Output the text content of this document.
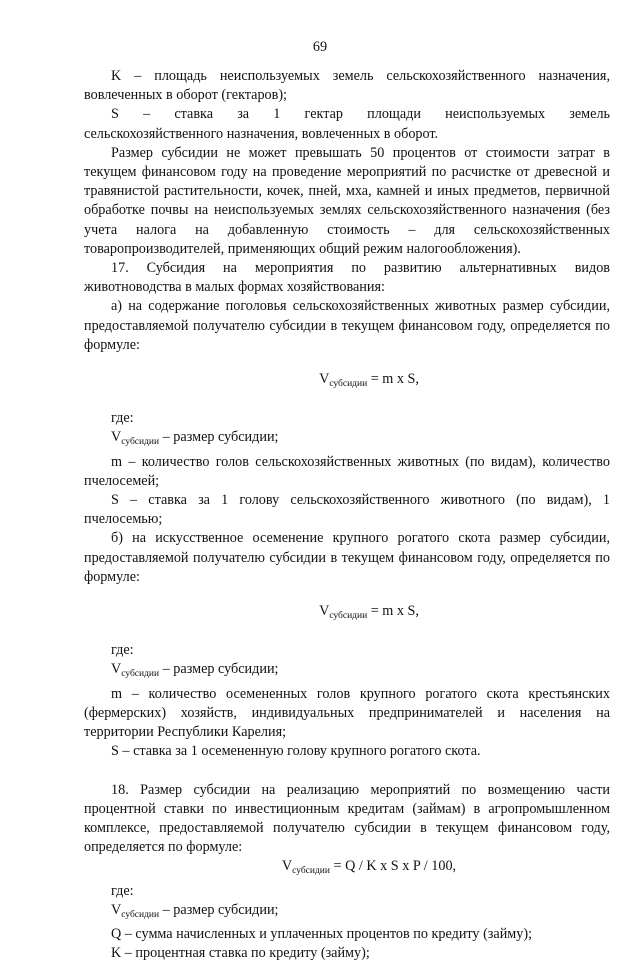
69

K – площадь неиспользуемых земель сельскохозяйственного назначения, вовлеченных в оборот (гектаров);

S – ставка за 1 гектар площади неиспользуемых земель

сельскохозяйственного назначения, вовлеченных в оборот.

Размер субсидии не может превышать 50 процентов от стоимости затрат в текущем финансовом году на проведение мероприятий по расчистке от древесной и травянистой растительности, кочек, пней, мха, камней и иных предметов, первичной обработке почвы на неиспользуемых землях сельскохозяйственного назначения (без учета налога на добавленную стоимость – для сельскохозяйственных товаропроизводителей, применяющих общий режим налогообложения).

17. Субсидия на мероприятия по развитию альтернативных видов животноводства в малых формах хозяйствования:

а) на содержание поголовья сельскохозяйственных животных размер субсидии, предоставляемой получателю субсидии в текущем финансовом году, определяется по формуле:

$V_{субсидии} = m$ x S,

где:

$V_{субсидии}$ – размер субсидии;

m – количество голов сельскохозяйственных животных (по видам), количество пчелосемей;

S – ставка за 1 голову сельскохозяйственного животного (по видам), 1 пчелосемью;

б) на искусственное осеменение крупного рогатого скота размер субсидии, предоставляемой получателю субсидии в текущем финансовом году, определяется по формуле:

$V_{субсидии} = m$ x S,

где:

$V_{субсидии}$ – размер субсидии;

m – количество осемененных голов крупного рогатого скота крестьянских (фермерских) хозяйств, индивидуальных предпринимателей и населения на территории Республики Карелия;

S – ставка за 1 осемененную голову крупного рогатого скота.

18. Размер субсидии на реализацию мероприятий по возмещению части процентной ставки по инвестиционным кредитам (займам) в агропромышленном комплексе, предоставляемой получателю субсидии в текущем финансовом году, определяется по формуле:

$V_{субсидии} = Q / K$ x S x P / 100,

где:

$V_{субсидии}$ – размер субсидии;

Q – сумма начисленных и уплаченных процентов по кредиту (займу);

K – процентная ставка по кредиту (займу);
